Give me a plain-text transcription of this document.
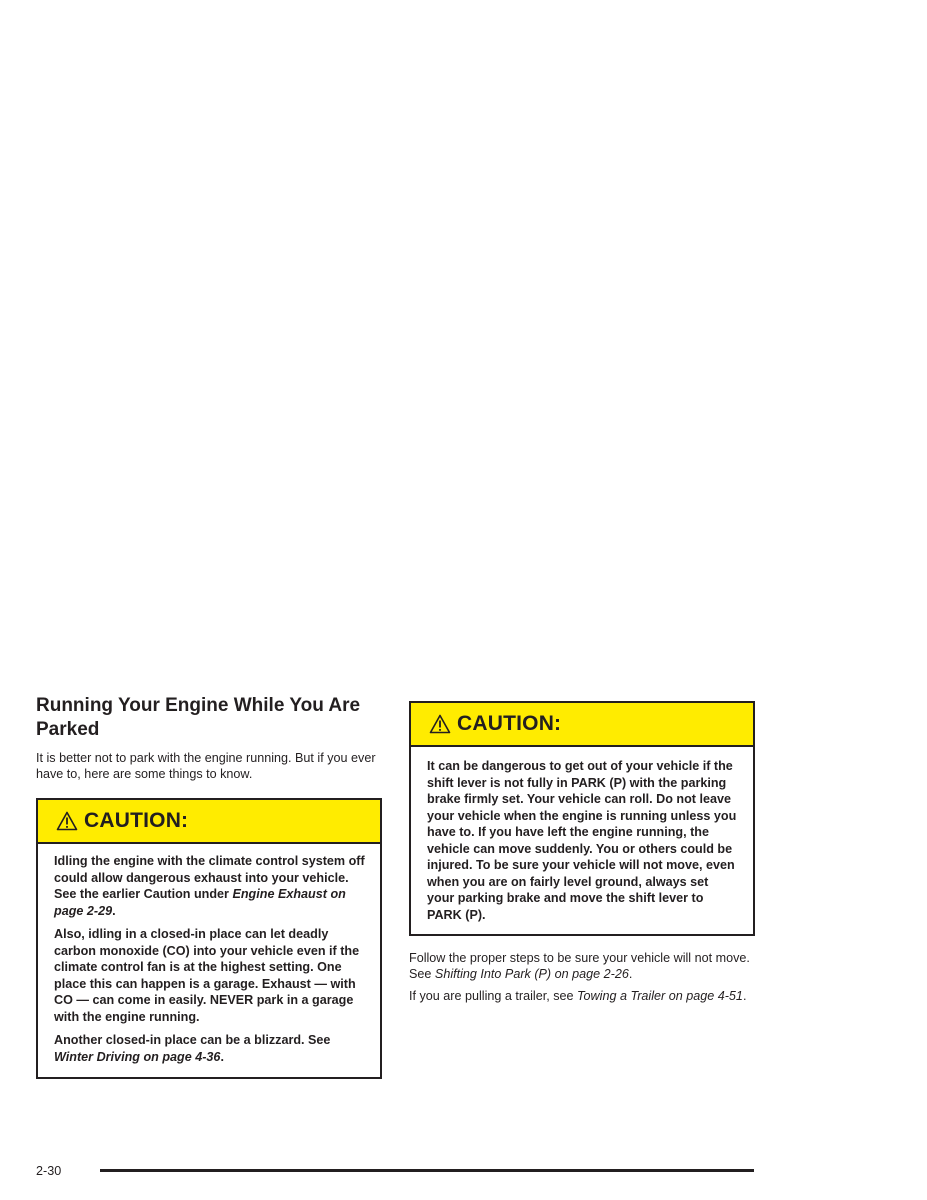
Running Your Engine While You Are Parked

It is better not to park with the engine running. But if you ever have to, here are some things to know.

CAUTION:

Idling the engine with the climate control system off could allow dangerous exhaust into your vehicle. See the earlier Caution under Engine Exhaust on page 2-29.

Also, idling in a closed-in place can let deadly carbon monoxide (CO) into your vehicle even if the climate control fan is at the highest setting. One place this can happen is a garage. Exhaust — with CO — can come in easily. NEVER park in a garage with the engine running.

Another closed-in place can be a blizzard. See Winter Driving on page 4-36.

CAUTION:

It can be dangerous to get out of your vehicle if the shift lever is not fully in PARK (P) with the parking brake firmly set. Your vehicle can roll. Do not leave your vehicle when the engine is running unless you have to. If you have left the engine running, the vehicle can move suddenly. You or others could be injured. To be sure your vehicle will not move, even when you are on fairly level ground, always set your parking brake and move the shift lever to PARK (P).

Follow the proper steps to be sure your vehicle will not move. See Shifting Into Park (P) on page 2-26.

If you are pulling a trailer, see Towing a Trailer on page 4-51.

2-30
